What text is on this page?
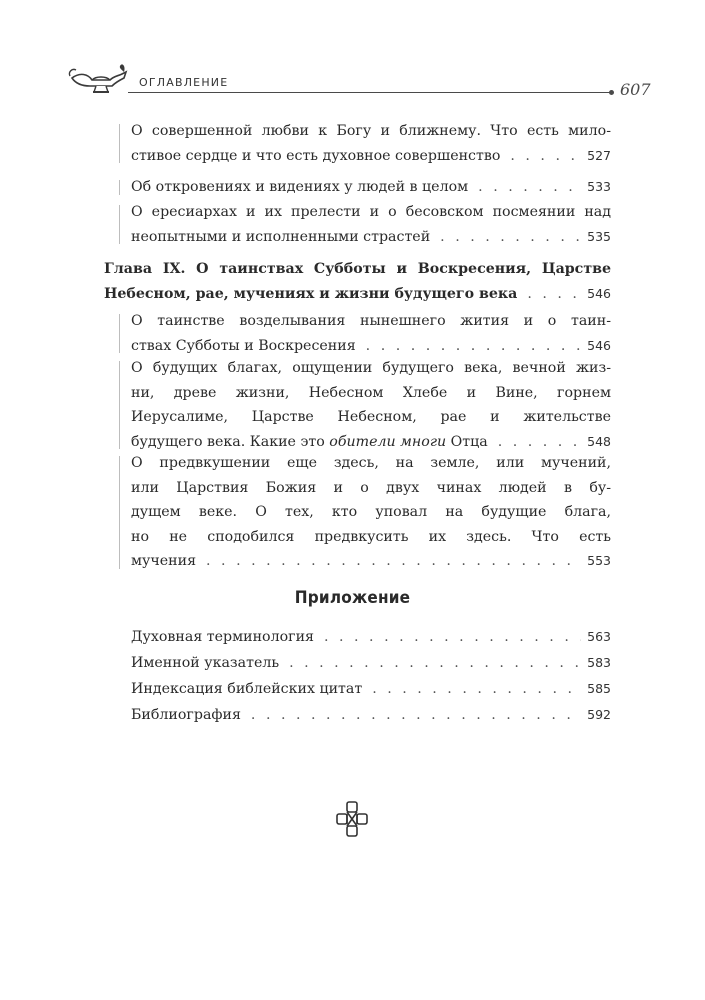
ОГЛАВЛЕНИЕ	607
О совершенной любви к Богу и ближнему. Что есть мило-
стивое сердце и что есть духовное совершенство . . .	527
Об откровениях и видениях у людей в целом . . .	533
О ересиархах и их прелести и о бесовском посмеянии над
неопытными и исполненными страстей . . .	535
Глава IX. О таинствах Субботы и Воскресения, Царстве
Небесном, рае, мучениях и жизни будущего века . . .	546
О таинстве возделывания нынешнего жития и о таин-
ствах Субботы и Воскресения . . .	546
О будущих благах, ощущении будущего века, вечной жиз-
ни, древе жизни, Небесном Хлебе и Вине, горнем
Иерусалиме, Царстве Небесном, рае и жительстве
будущего века. Какие это обители многи Отца . . .	548
О предвкушении еще здесь, на земле, или мучений,
или Царствия Божия и о двух чинах людей в бу-
дущем веке. О тех, кто уповал на будущие блага,
но не сподобился предвкусить их здесь. Что есть
мучения . . .	553
Приложение
Духовная терминология . . .	563
Именной указатель . . .	583
Индексация библейских цитат . . .	585
Библиография . . .	592
